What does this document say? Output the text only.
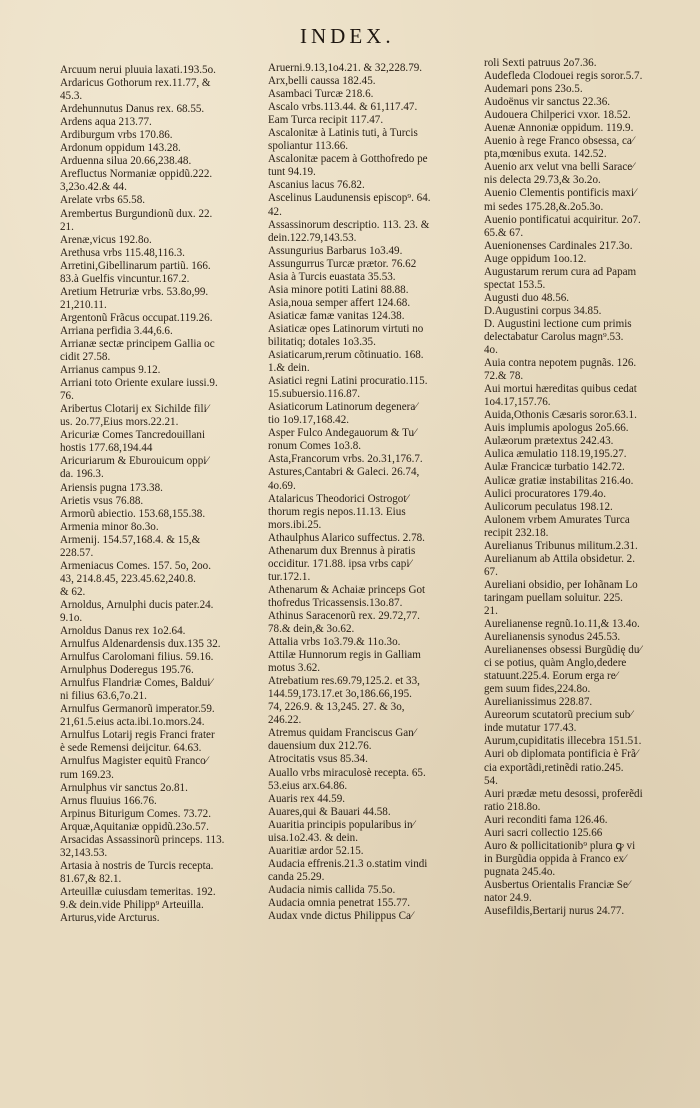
INDEX.
Arcuum nerui pluuia laxati.193.5o.
Ardaricus Gothorum rex.11.77, &
45.3.
Ardehunnutus Danus rex. 68.55.
Ardens aqua 213.77.
Ardiburgum vrbs 170.86.
Ardonum oppidum 143.28.
Arduenna silua 20.66,238.48.
Arefluctus Normaniæ oppidũ.222.
3,23o.42.& 44.
Arelate vrbs 65.58.
Arembertus Burgundionũ dux. 22.
21.
Arenæ,vicus 192.8o.
Arethusa vrbs 115.48,116.3.
Arretini,Gibellinarum partiũ. 166.
83.à Guelfis vincuntur.167.2.
Aretium Hetruriæ vrbs. 53.8o,99.
21,210.11.
Argentonũ Frãcus occupat.119.26.
Arriana perfidia 3.44,6.6.
Arrianæ sectæ principem Gallia oc
cidit 27.58.
Arrianus campus 9.12.
Arriani toto Oriente exulare iussi.9.
76.
Aribertus Clotarij ex Sichilde fili⁄
us. 2o.77,Eius mors.22.21.
Aricuriæ Comes Tancredouillani
hostis 177.68,194.44
Aricuriarum & Eburouicum oppi⁄
da. 196.3.
Ariensis pugna 173.38.
Arietis vsus 76.88.
Armorũ abiectio. 153.68,155.38.
Armenia minor 8o.3o.
Armenij. 154.57,168.4. & 15,&
228.57.
Armeniacus Comes. 157. 5o, 2oo.
43, 214.8.45, 223.45.62,240.8.
& 62.
Arnoldus, Arnulphi ducis pater.24.
9.1o.
Arnoldus Danus rex 1o2.64.
Arnulfus Aldenardensis dux.135 32.
Arnulfus Carolomani filius. 59.16.
Arnulphus Doderegus 195.76.
Arnulfus Flandriæ Comes, Baldui⁄
ni filius 63.6,7o.21.
Arnulfus Germanorũ imperator.59.
21,61.5.eius acta.ibi.1o.mors.24.
Arnulfus Lotarij regis Franci frater
è sede Remensi deijcitur. 64.63.
Arnulfus Magister equitũ Franco⁄
rum 169.23.
Arnulphus vir sanctus 2o.81.
Arnus fluuius 166.76.
Arpinus Biturigum Comes. 73.72.
Arquæ,Aquitaniæ oppidũ.23o.57.
Arsacidas Assassinorũ princeps. 113.
32,143.53.
Artasia à nostris de Turcis recepta.
81.67,& 82.1.
Arteuillæ cuiusdam temeritas. 192.
9.& dein.vide Philipp⁹ Arteuilla.
Arturus,vide Arcturus.
Aruerni.9.13,1o4.21. & 32,228.79.
Arx,belli caussa 182.45.
Asambaci Turcæ 218.6.
Ascalo vrbs.113.44. & 61,117.47.
Eam Turca recipit 117.47.
Ascalonitæ à Latinis tuti, à Turcis
spoliantur 113.66.
Ascalonitæ pacem à Gotthofredo pe
tunt 94.19.
Ascanius lacus 76.82.
Ascelinus Laudunensis episcop⁹. 64.
42.
Assassinorum descriptio. 113. 23. &
dein.122.79,143.53.
Assungurius Barbarus 1o3.49.
Assungurrus Turcæ prætor. 76.62
Asia à Turcis euastata 35.53.
Asia minore potiti Latini 88.88.
Asia,noua semper affert 124.68.
Asiaticæ famæ vanitas 124.38.
Asiaticæ opes Latinorum virtuti no
bilitatiq; dotales 1o3.35.
Asiaticarum,rerum cõtinuatio. 168.
1.& dein.
Asiatici regni Latini procuratio.115.
15.subuersio.116.87.
Asiaticorum Latinorum degenera⁄
tio 1o9.17,168.42.
Asper Fulco Andegauorum & Tu⁄
ronum Comes 1o3.8.
Asta,Francorum vrbs. 2o.31,176.7.
Astures,Cantabri & Galeci. 26.74,
4o.69.
Atalaricus Theodorici Ostrogot⁄
thorum regis nepos.11.13. Eius
mors.ibi.25.
Athaulphus Alarico suffectus. 2.78.
Athenarum dux Brennus à piratis
occiditur. 171.88. ipsa vrbs capi⁄
tur.172.1.
Athenarum & Achaiæ princeps Got
thofredus Tricassensis.13o.87.
Athinus Saracenorũ rex. 29.72,77.
78.& dein,& 3o.62.
Attalia vrbs 1o3.79.& 11o.3o.
Attilæ Hunnorum regis in Galliam
motus 3.62.
Atrebatium res.69.79,125.2. et 33,
144.59,173.17.et 3o,186.66,195.
74, 226.9. & 13,245. 27. & 3o,
246.22.
Atremus quidam Franciscus Gan⁄
dauensium dux 212.76.
Atrocitatis vsus 85.34.
Auallo vrbs miraculosè recepta. 65.
53.eius arx.64.86.
Auaris rex 44.59.
Auares,qui & Bauari 44.58.
Auaritia principis popularibus in⁄
uisa.1o2.43. & dein.
Auaritiæ ardor 52.15.
Audacia effrenis.21.3 o.statim vindi
canda 25.29.
Audacia nimis callida 75.5o.
Audacia omnia penetrat 155.77.
Audax vnde dictus Philippus Ca⁄
roli Sexti patruus 2o7.36.
Audefleda Clodouei regis soror.5.7.
Audemari pons 23o.5.
Audoënus vir sanctus 22.36.
Audouera Chilperici vxor. 18.52.
Auenæ Annoniæ oppidum. 119.9.
Auenio à rege Franco obsessa, ca⁄
pta,mœnibus exuta. 142.52.
Auenio arx velut vna belli Sarace⁄
nis delecta 29.73,& 3o.2o.
Auenio Clementis pontificis maxi⁄
mi sedes 175.28,&.2o5.3o.
Auenio pontificatui acquiritur. 2o7.
65.& 67.
Auenionenses Cardinales 217.3o.
Auge oppidum 1oo.12.
Augustarum rerum cura ad Papam
spectat 153.5.
Augusti duo 48.56.
D.Augustini corpus 34.85.
D. Augustini lectione cum primis
delectabatur Carolus magn⁹.53.
4o.
Auia contra nepotem pugnãs. 126.
72.& 78.
Aui mortui hæreditas quibus cedat
1o4.17,157.76.
Auida,Othonis Cæsaris soror.63.1.
Auis implumis apologus 2o5.66.
Aulæorum prætextus 242.43.
Aulica æmulatio 118.19,195.27.
Aulæ Francicæ turbatio 142.72.
Aulicæ gratiæ instabilitas 216.4o.
Aulici procuratores 179.4o.
Aulicorum peculatus 198.12.
Aulonem vrbem Amurates Turca
recipit 232.18.
Aurelianus Tribunus militum.2.31.
Aurelianum ab Attila obsidetur. 2.
67.
Aureliani obsidio, per Iohãnam Lo
taringam puellam soluitur. 225.
21.
Aurelianense regnũ.1o.11,& 13.4o.
Aurelianensis synodus 245.53.
Aurelianenses obsessi Burgũdię du⁄
ci se potius, quàm Anglo,dedere
statuunt.225.4. Eorum erga re⁄
gem suum fides,224.8o.
Aurelianissimus 228.87.
Aureorum scutatorũ precium sub⁄
inde mutatur 177.43.
Aurum,cupiditatis illecebra 151.51.
Auri ob diplomata pontificia è Frã⁄
cia exportãdi,retinẽdi ratio.245.
54.
Auri prædæ metu desossi, proferẽdi
ratio 218.8o.
Auri reconditi fama 126.46.
Auri sacri collectio 125.66
Auro & pollicitationib⁹ plura ꝙ vi
in Burgũdia oppida à Franco ex⁄
pugnata 245.4o.
Ausbertus Orientalis Franciæ Se⁄
nator 24.9.
Ausefildis,Bertarij nurus 24.77.
